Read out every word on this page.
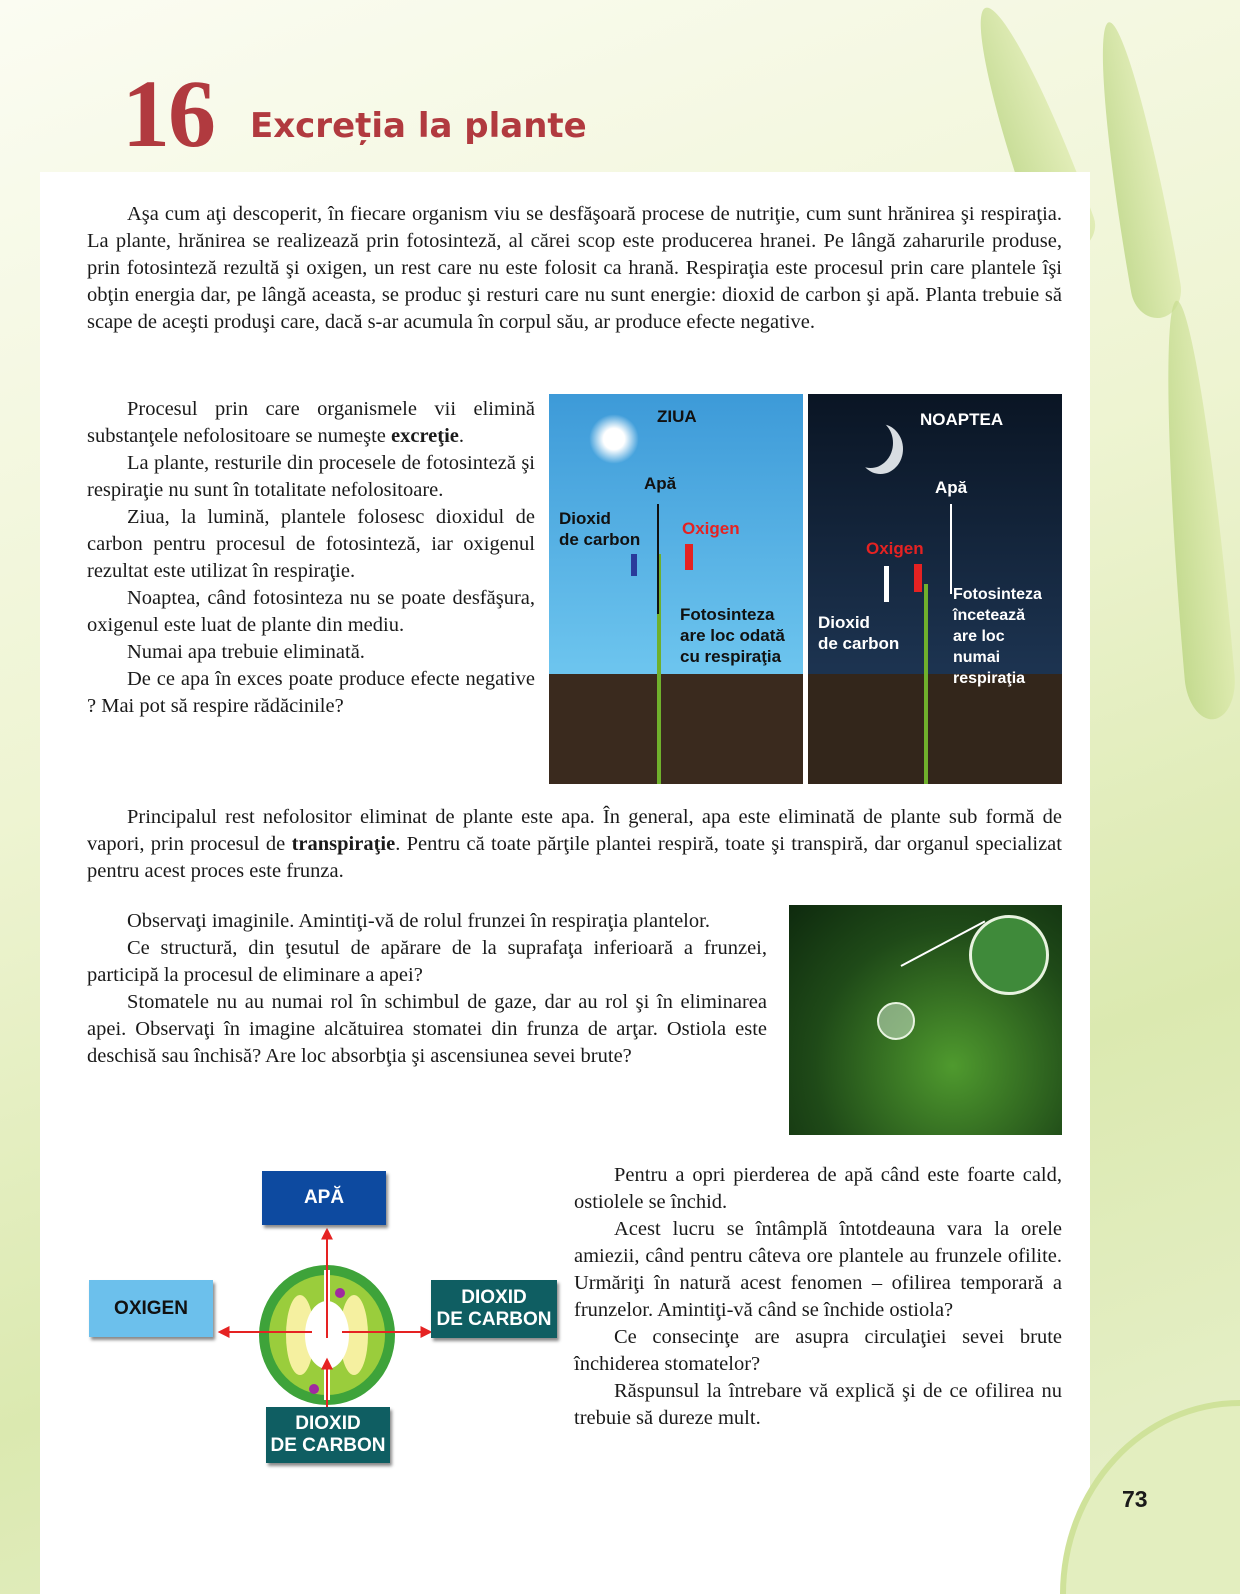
16 Excreția la plante

Aşa cum aţi descoperit, în fiecare organism viu se desfăşoară procese de nutriţie, cum sunt hrănirea şi respiraţia. La plante, hrănirea se realizează prin fotosinteză, al cărei scop este producerea hranei. Pe lângă zaharurile produse, prin fotosinteză rezultă şi oxigen, un rest care nu este folosit ca hrană. Respiraţia este procesul prin care plantele îşi obţin energia dar, pe lângă aceasta, se produc şi resturi care nu sunt energie: dioxid de carbon şi apă. Planta trebuie să scape de aceşti produşi care, dacă s-ar acumula în corpul său, ar produce efecte negative.

Procesul prin care organismele vii elimină substanţele nefolositoare se numeşte excreţie.

La plante, resturile din procesele de fotosinteză şi respiraţie nu sunt în totalitate nefolositoare.

Ziua, la lumină, plantele folosesc dioxidul de carbon pentru procesul de fotosinteză, iar oxigenul rezultat este utilizat în respiraţie.

Noaptea, când fotosinteza nu se poate desfăşura, oxigenul este luat de plante din mediu.

Numai apa trebuie eliminată.

De ce apa în exces poate produce efecte negative ? Mai pot să respire rădăcinile?

ZIUA
Apă
Dioxid
de carbon
Oxigen
Fotosinteza
are loc odată
cu respiraţia
NOAPTEA
Apă
Oxigen
Dioxid
de carbon
Fotosinteza
încetează
are loc
numai
respiraţia

Principalul rest nefolositor eliminat de plante este apa. În general, apa este eliminată de plante sub formă de vapori, prin procesul de transpiraţie. Pentru că toate părţile plantei respiră, toate şi transpiră, dar organul specializat pentru acest proces este frunza.

Observaţi imaginile. Amintiţi-vă de rolul frunzei în respiraţia plantelor.

Ce structură, din ţesutul de apărare de la suprafaţa inferioară a frunzei, participă la procesul de eliminare a apei?

Stomatele nu au numai rol în schimbul de gaze, dar au rol şi în eliminarea apei. Observaţi în imagine alcătuirea stomatei din frunza de arţar. Ostiola este deschisă sau închisă? Are loc absorbţia şi ascensiunea sevei brute?

APĂ
OXIGEN	DIOXID
DE CARBON
DIOXID
DE CARBON

Pentru a opri pierderea de apă când este foarte cald, ostiolele se închid.

Acest lucru se întâmplă întotdeauna vara la orele amiezii, când pentru câteva ore plantele au frunzele ofilite. Urmăriţi în natură acest fenomen – ofilirea temporară a frunzelor. Amintiţi-vă când se închide ostiola?

Ce consecinţe are asupra circulaţiei sevei brute închiderea stomatelor?

Răspunsul la întrebare vă explică şi de ce ofilirea nu trebuie să dureze mult.

73
